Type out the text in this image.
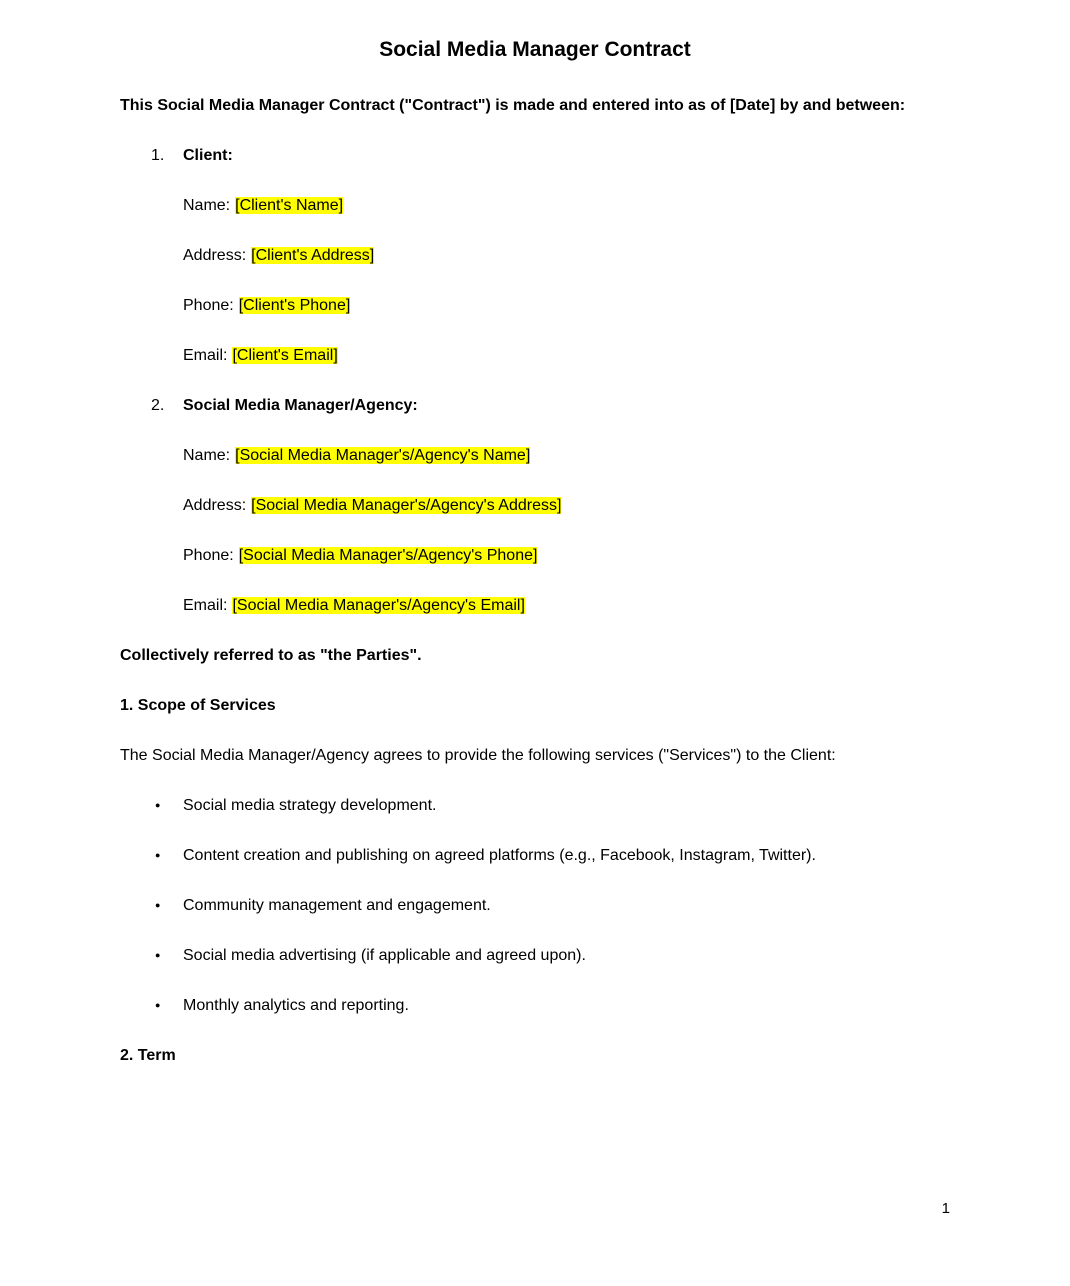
Social Media Manager Contract
This Social Media Manager Contract ("Contract") is made and entered into as of [Date] by and between:
1.	Client:
Name: [Client's Name]
Address: [Client's Address]
Phone: [Client's Phone]
Email: [Client's Email]
2.	Social Media Manager/Agency:
Name: [Social Media Manager's/Agency's Name]
Address: [Social Media Manager's/Agency's Address]
Phone: [Social Media Manager's/Agency's Phone]
Email: [Social Media Manager's/Agency's Email]
Collectively referred to as "the Parties".
1. Scope of Services
The Social Media Manager/Agency agrees to provide the following services ("Services") to the Client:
●	Social media strategy development.
●	Content creation and publishing on agreed platforms (e.g., Facebook, Instagram, Twitter).
●	Community management and engagement.
●	Social media advertising (if applicable and agreed upon).
●	Monthly analytics and reporting.
2. Term
1
